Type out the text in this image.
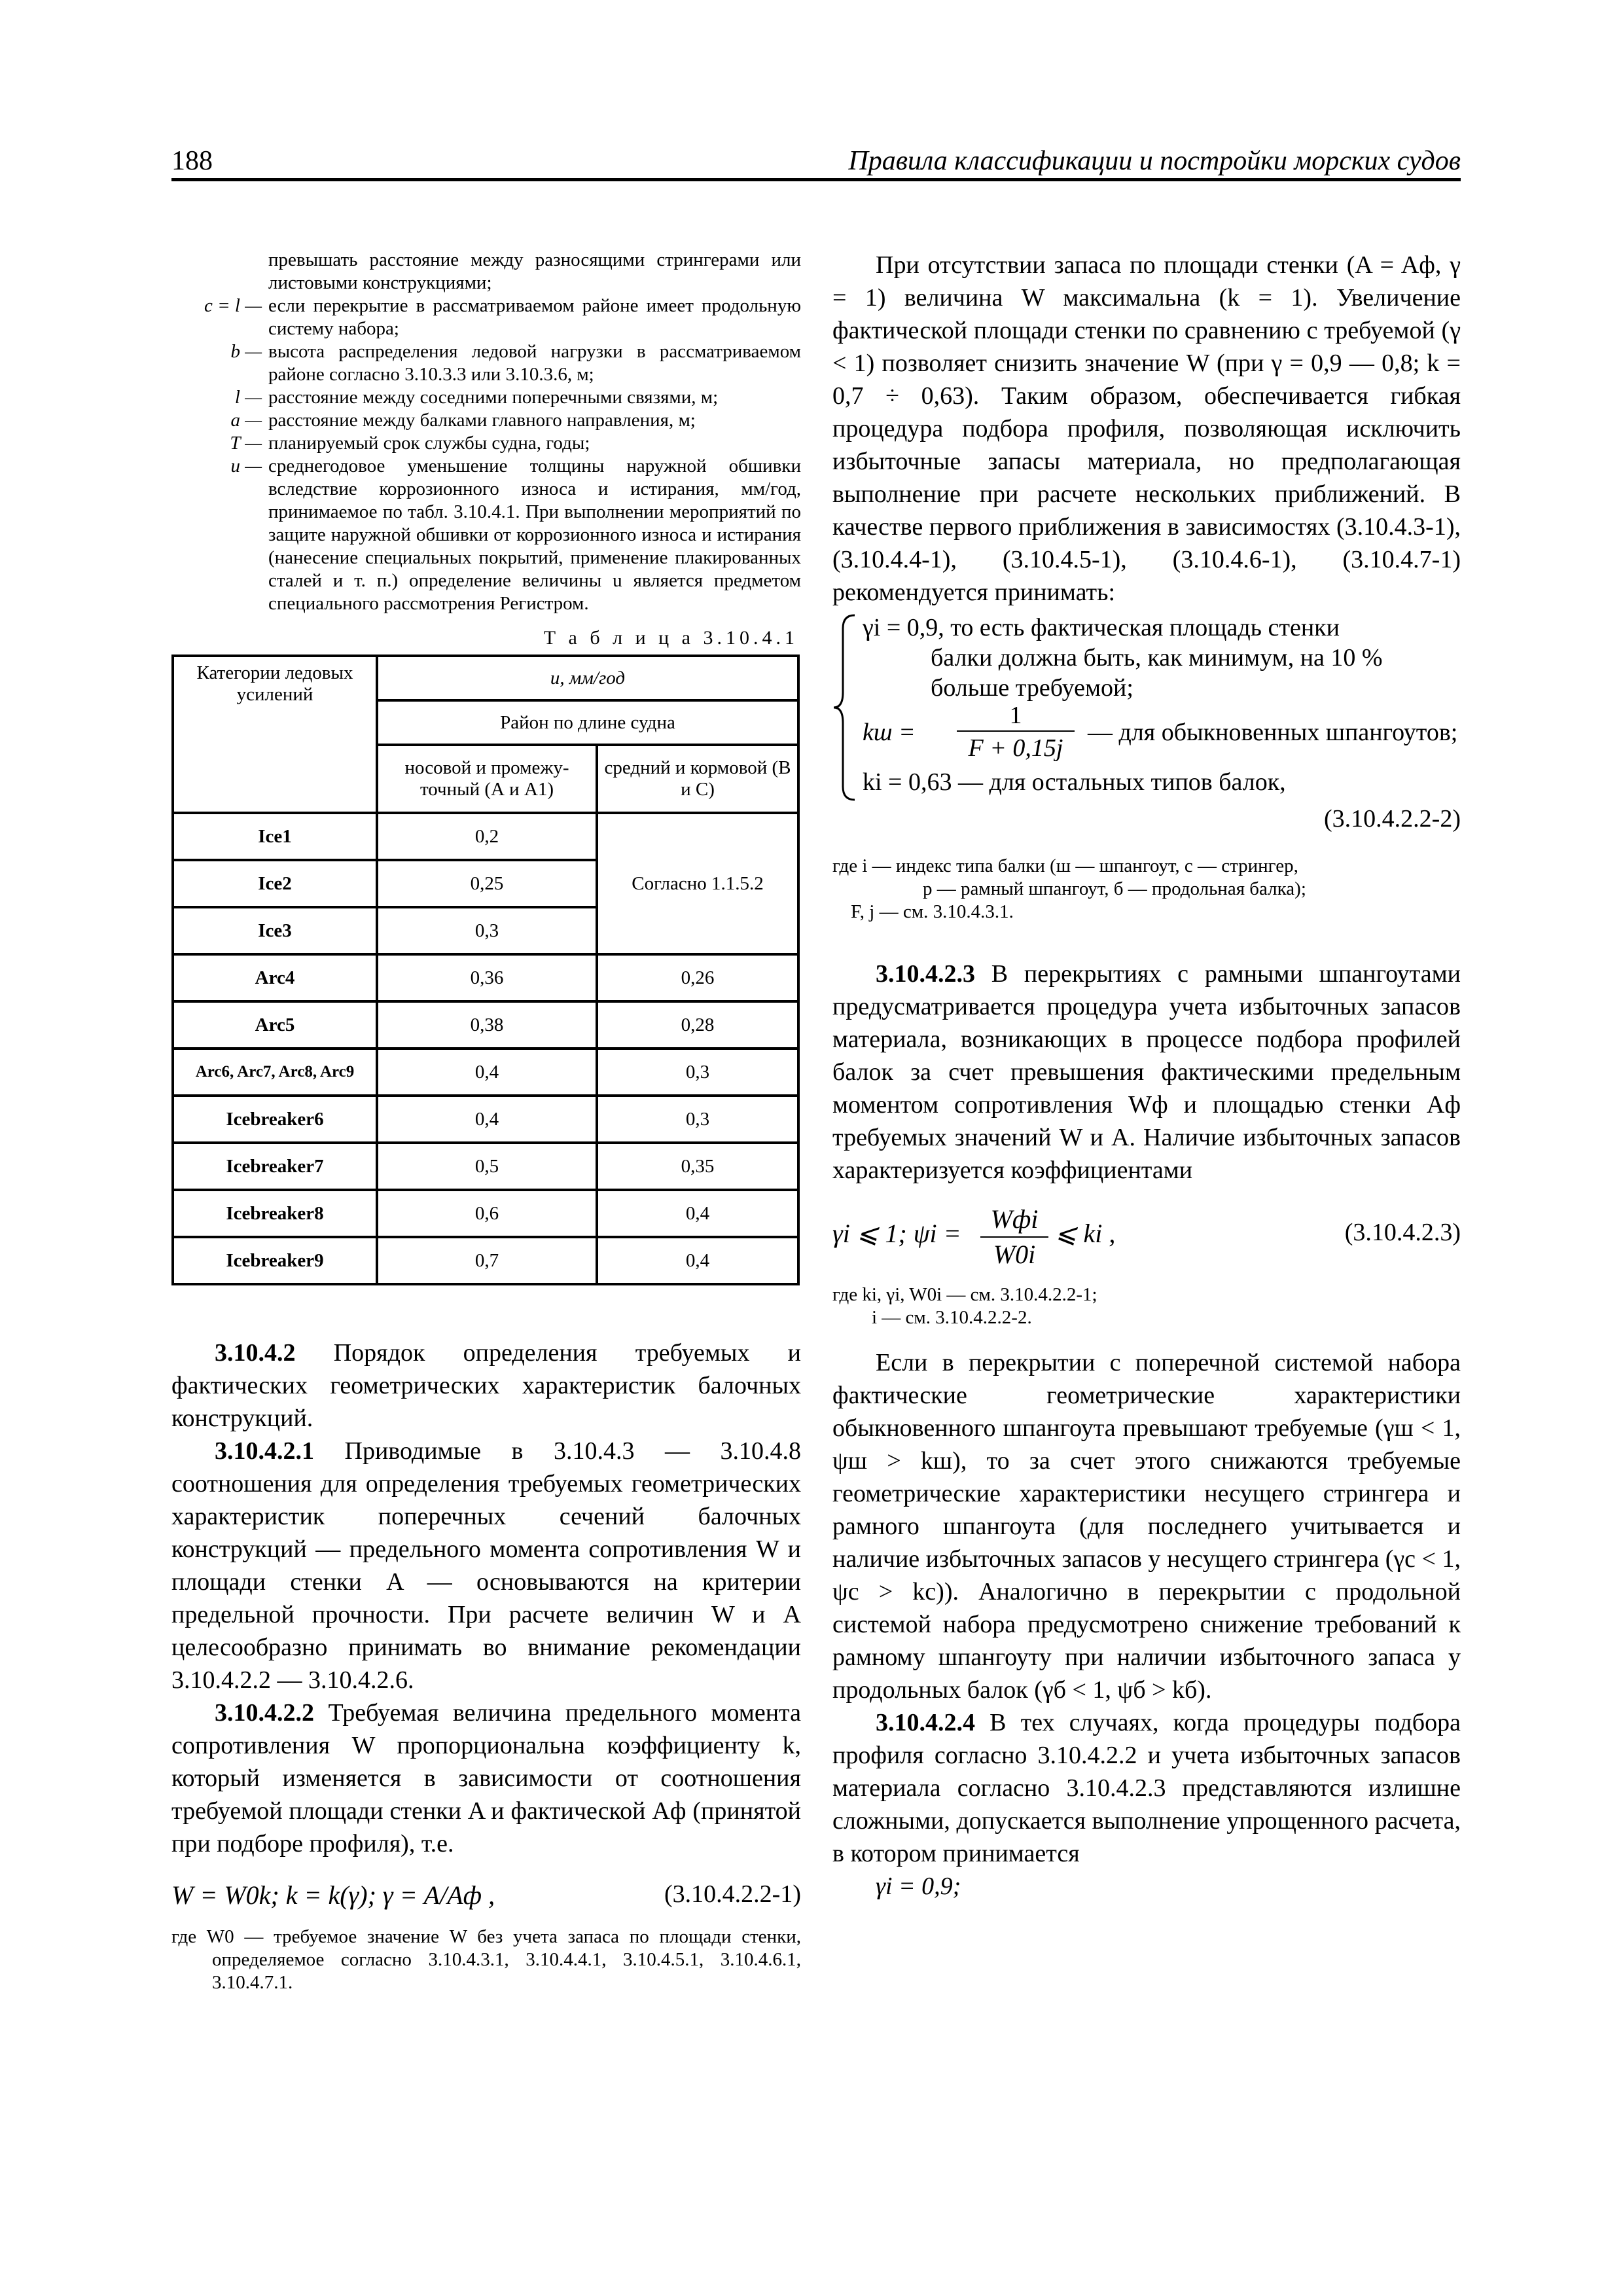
188	Правила классификации и постройки морских судов

превышать расстояние между разносящими стрингерами или листовыми конструкциями;

c = l — если перекрытие в рассматриваемом районе имеет продольную систему набора;

b — высота распределения ледовой нагрузки в рассматриваемом районе согласно 3.10.3.3 или 3.10.3.6, м;

l — расстояние между соседними поперечными связями, м;

a — расстояние между балками главного направления, м;

T — планируемый срок службы судна, годы;

u — среднегодовое уменьшение толщины наружной обшивки вследствие коррозионного износа и истирания, мм/год, принимаемое по табл. 3.10.4.1. При выполнении мероприятий по защите наружной обшивки от коррозионного износа и истирания (нанесение специальных покрытий, применение плакированных сталей и т. п.) определение величины u является предметом специального рассмотрения Регистром.

Т а б л и ц а 3.10.4.1
Категории ледовых усилений	u, мм/год	
	Район по длине судна	
	носовой и промежу-точный (А и А1)	средний и кормовой (В и С)
Ice1	0,2	Согласно 1.1.5.2
Ice2	0,25	
Ice3	0,3	
Arc4	0,36	0,26
Arc5	0,38	0,28
Arc6, Arc7, Arc8, Arc9	0,4	0,3
Icebreaker6	0,4	0,3
Icebreaker7	0,5	0,35
Icebreaker8	0,6	0,4
Icebreaker9	0,7	0,4

3.10.4.2 Порядок определения требуемых и фактических геометрических характеристик балочных конструкций.

3.10.4.2.1 Приводимые в 3.10.4.3 — 3.10.4.8 соотношения для определения требуемых геометрических характеристик поперечных сечений балочных конструкций — предельного момента сопротивления W и площади стенки A — основываются на критерии предельной прочности. При расчете величин W и A целесообразно принимать во внимание рекомендации 3.10.4.2.2 — 3.10.4.2.6.

3.10.4.2.2 Требуемая величина предельного момента сопротивления W пропорциональна коэффициенту k, который изменяется в зависимости от соотношения требуемой площади стенки A и фактической Aф (принятой при подборе профиля), т.е.

W = W0k; k = k(γ); γ = A/Aф ,	(3.10.4.2.2-1)

где W0 — требуемое значение W без учета запаса по площади стенки, определяемое согласно 3.10.4.3.1, 3.10.4.4.1, 3.10.4.5.1, 3.10.4.6.1, 3.10.4.7.1.

При отсутствии запаса по площади стенки (A = Aф, γ = 1) величина W максимальна (k = 1). Увеличение фактической площади стенки по сравнению с требуемой (γ < 1) позволяет снизить значение W (при γ = 0,9 — 0,8; k = 0,7 ÷ 0,63). Таким образом, обеспечивается гибкая процедура подбора профиля, позволяющая исключить избыточные запасы материала, но предполагающая выполнение при расчете нескольких приближений. В качестве первого приближения в зависимостях (3.10.4.3-1), (3.10.4.4-1), (3.10.4.5-1), (3.10.4.6-1), (3.10.4.7-1) рекомендуется принимать:

γi = 0,9, то есть фактическая площадь стенки
балки должна быть, как минимум, на 10 %
больше требуемой;
kш =
1
F + 0,15j
— для обыкновенных шпангоутов;
ki = 0,63 — для остальных типов балок,
(3.10.4.2.2-2)

где i — индекс типа балки (ш — шпангоут, с — стрингер,

р — рамный шпангоут, б — продольная балка);

F, j — см. 3.10.4.3.1.

3.10.4.2.3 В перекрытиях с рамными шпангоутами предусматривается процедура учета избыточных запасов материала, возникающих в процессе подбора профилей балок за счет превышения фактическими предельным моментом сопротивления Wф и площадью стенки Aф требуемых значений W и A. Наличие избыточных запасов характеризуется коэффициентами

γi ⩽ 1; ψi =	Wфi
W0i
⩽ ki ,	(3.10.4.2.3)

где ki, γi, W0i — см. 3.10.4.2.2-1;

i — см. 3.10.4.2.2-2.

Если в перекрытии с поперечной системой набора фактические геометрические характеристики обыкновенного шпангоута превышают требуемые (γш < 1, ψш > kш), то за счет этого снижаются требуемые геометрические характеристики несущего стрингера и рамного шпангоута (для последнего учитывается и наличие избыточных запасов у несущего стрингера (γс < 1, ψс > kс)). Аналогично в перекрытии с продольной системой набора предусмотрено снижение требований к рамному шпангоуту при наличии избыточного запаса у продольных балок (γб < 1, ψб > kб).

3.10.4.2.4 В тех случаях, когда процедуры подбора профиля согласно 3.10.4.2.2 и учета избыточных запасов материала согласно 3.10.4.2.3 представляются излишне сложными, допускается выполнение упрощенного расчета, в котором принимается

γi = 0,9;
